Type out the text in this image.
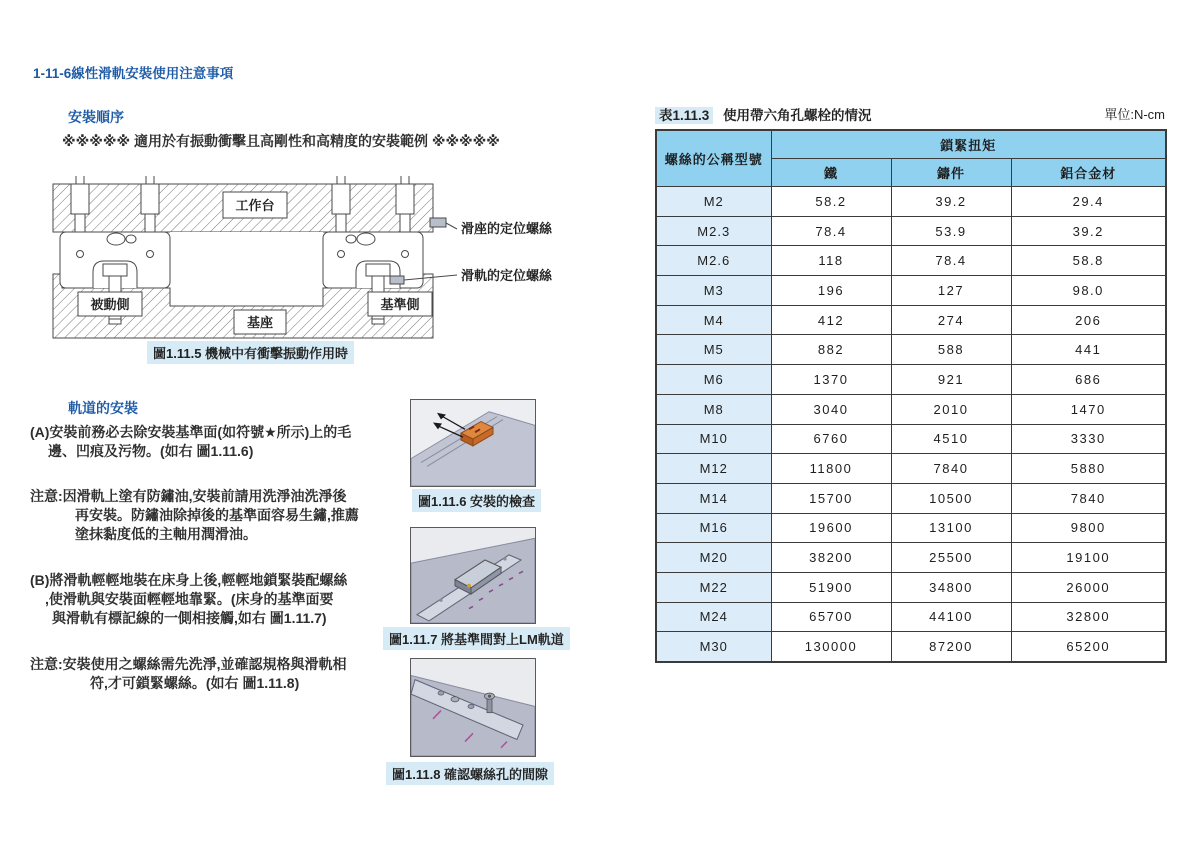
1-11-6線性滑軌安裝使用注意事項
安裝順序
※※※※※ 適用於有振動衝擊且高剛性和高精度的安裝範例 ※※※※※
工作台
滑座的定位螺絲
滑軌的定位螺絲
被動側
基座
基準側
圖1.11.5 機械中有衝擊振動作用時
軌道的安裝
(A)安裝前務必去除安裝基準面(如符號★所示)上的毛
邊、凹痕及污物。(如右 圖1.11.6)
注意:因滑軌上塗有防鏽油,安裝前請用洗淨油洗淨後
再安裝。防鏽油除掉後的基準面容易生鏽,推薦
塗抹黏度低的主軸用潤滑油。
(B)將滑軌輕輕地裝在床身上後,輕輕地鎖緊裝配螺絲
,使滑軌與安裝面輕輕地靠緊。(床身的基準面要
與滑軌有標記線的一側相接觸,如右 圖1.11.7)
注意:安裝使用之螺絲需先洗淨,並確認規格與滑軌相
符,才可鎖緊螺絲。(如右 圖1.11.8)
圖1.11.6 安裝的檢查
圖1.11.7 將基準間對上LM軌道
圖1.11.8 確認螺絲孔的間隙
單位:N-cm
表1.11.3 使用帶六角孔螺栓的情況
螺絲的公稱型號	鎖緊扭矩		
	鐵	鑄件	鋁合金材
M2	58.2	39.2	29.4
M2.3	78.4	53.9	39.2
M2.6	118	78.4	58.8
M3	196	127	98.0
M4	412	274	206
M5	882	588	441
M6	1370	921	686
M8	3040	2010	1470
M10	6760	4510	3330
M12	11800	7840	5880
M14	15700	10500	7840
M16	19600	13100	9800
M20	38200	25500	19100
M22	51900	34800	26000
M24	65700	44100	32800
M30	130000	87200	65200
